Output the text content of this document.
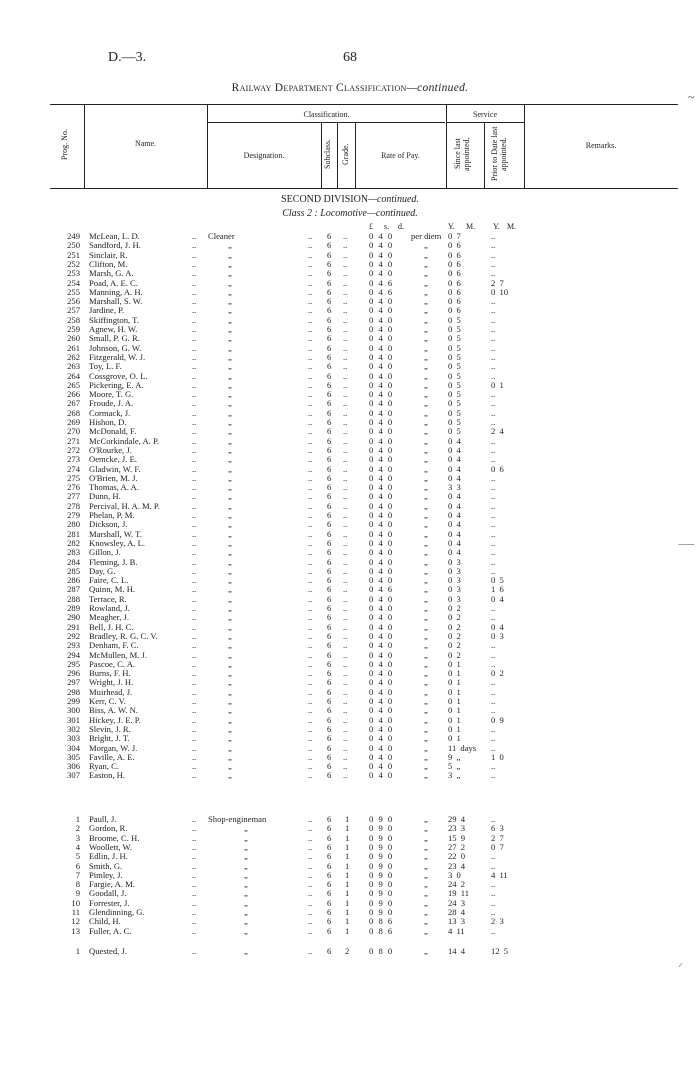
D.—3.	68
Railway Department Classification—continued.
Prog. No.	Name.
Classification.
Designation.	Subclass. Grade.	Rate of Pay.
Service
Since last appointed.	Prior to Date last appointed.	Remarks.
~
SECOND DIVISION—continued.
Class 2 : Locomotive—continued.
£ s. d.	Y. M. Y. M.
249 McLean, L. D.	.. Cleaner	.. 6 ..	0 4 0 per diem 0 7	..
250 Sandford, J. H.	..	„	.. 6 ..	0 4 0	„ 0 6	..
251 Sinclair, R.	..	„	.. 6 ..	0 4 0	„ 0 6	..
252 Clifton, M.	..	„	.. 6 ..	0 4 0	„ 0 6	..
253 Marsh, G. A.	..	„	.. 6 ..	0 4 0	„ 0 6	..
254 Poad, A. E. C.	..	„	.. 6 ..	0 4 6	„ 0 6	2 7
255 Manning, A. H.	..	„	.. 6 ..	0 4 6	„ 0 6	0 10
256 Marshall, S. W.	..	„	.. 6 ..	0 4 0	„ 0 6	..
257 Jardine, P.	..	„	.. 6 ..	0 4 0	„ 0 6	..
258 Skiffington, T.	..	„	.. 6 ..	0 4 0	„ 0 5	..
259 Agnew, H. W.	..	„	.. 6 ..	0 4 0	„ 0 5	..
260 Small, P. G. R.	..	„	.. 6 ..	0 4 0	„ 0 5	..
261 Johnson, G. W.	..	„	.. 6 ..	0 4 0	„ 0 5	..
262 Fitzgerald, W. J.	..	„	.. 6 ..	0 4 0	„ 0 5	..
263 Toy, L. F.	..	„	.. 6 ..	0 4 0	„ 0 5	..
264 Cossgrove, O. L.	..	„	.. 6 ..	0 4 0	„ 0 5	..
265 Pickering, E. A.	..	„	.. 6 ..	0 4 0	„ 0 5	0 1
266 Moore, T. G.	..	„	.. 6 ..	0 4 0	„ 0 5	..
267 Froude, J. A.	..	„	.. 6 ..	0 4 0	„ 0 5	..
268 Cormack, J.	..	„	.. 6 ..	0 4 0	„ 0 5	..
269 Hishon, D.	..	„	.. 6 ..	0 4 0	„ 0 5	..
270 McDonald, F.	..	„	.. 6 ..	0 4 0	„ 0 5	2 4
271 McCorkindale, A. P.	..	„	.. 6 ..	0 4 0	„ 0 4	..
272 O'Rourke, J.	..	„	.. 6 ..	0 4 0	„ 0 4	..
273 Oemcke, J. E.	..	„	.. 6 ..	0 4 0	„ 0 4	..
274 Gladwin, W. F.	..	„	.. 6 ..	0 4 0	„ 0 4	0 6
275 O'Brien, M. J.	..	„	.. 6 ..	0 4 0	„ 0 4	..
276 Thomas, A. A.	..	„	.. 6 ..	0 4 0	„ 3 3	..
277 Dunn, H.	..	„	.. 6 ..	0 4 0	„ 0 4	..
278 Percival, H. A. M. P.	..	„	.. 6 ..	0 4 0	„ 0 4	..
279 Phelan, P. M.	..	„	.. 6 ..	0 4 0	„ 0 4	..
280 Dickson, J.	..	„	.. 6 ..	0 4 0	„ 0 4	..
281 Marshall, W. T.	..	„	.. 6 ..	0 4 0	„ 0 4	..
282 Knowsley, A. L.	..	„	.. 6 ..	0 4 0	„ 0 4	..
283 Gillon, J.	..	„	.. 6 ..	0 4 0	„ 0 4	..
284 Fleming, J. B.	..	„	.. 6 ..	0 4 0	„ 0 3	..
285 Day, G.	..	„	.. 6 ..	0 4 0	„ 0 3	..
286 Faire, C. L.	..	„	.. 6 ..	0 4 0	„ 0 3	0 5
287 Quinn, M. H.	..	„	.. 6 ..	0 4 6	„ 0 3	1 6
288 Terrace, R.	..	„	.. 6 ..	0 4 0	„ 0 3	0 4
289 Rowland, J.	..	„	.. 6 ..	0 4 0	„ 0 2	..
290 Meagher, J.	..	„	.. 6 ..	0 4 0	„ 0 2	..
291 Bell, J. H. C.	..	„	.. 6 ..	0 4 0	„ 0 2	0 4
292 Bradley, R. G. C. V.	..	„	.. 6 ..	0 4 0	„ 0 2	0 3
293 Denham, F. C.	..	„	.. 6 ..	0 4 0	„ 0 2	..
294 McMullen, M. J.	..	„	.. 6 ..	0 4 0	„ 0 2	..
295 Pascoe, C. A.	..	„	.. 6 ..	0 4 0	„ 0 1	..
296 Burns, F. H.	..	„	.. 6 ..	0 4 0	„ 0 1	0 2
297 Wright, J. H.	..	„	.. 6 ..	0 4 0	„ 0 1	..
298 Muirhead, J.	..	„	.. 6 ..	0 4 0	„ 0 1	..
299 Kerr, C. V.	..	„	.. 6 ..	0 4 0	„ 0 1	..
300 Biss, A. W. N.	..	„	.. 6 ..	0 4 0	„ 0 1	..
301 Hickey, J. E. P.	..	„	.. 6 ..	0 4 0	„ 0 1	0 9
302 Slevin, J. R.	..	„	.. 6 ..	0 4 0	„ 0 1	..
303 Bright, J. T.	..	„	.. 6 ..	0 4 0	„ 0 1	..
304 Morgan, W. J.	..	„	.. 6 ..	0 4 0	„ 11 days ..
305 Faville, A. E.	..	„	.. 6 ..	0 4 0	„ 9 „	1 0
306 Ryan, C.	..	„	.. 6 ..	0 4 0	„ 5 „	..
307 Easton, H.	..	„	.. 6 ..	0 4 0	„ 3 „	..
1 Paull, J.	.. Shop-engineman	.. 6 1 0 9 0	„ 29 4	..
2 Gordon, R.	..	„	.. 6 1 0 9 0	„ 23 3	6 3
3 Broome, C. H.	..	„	.. 6 1 0 9 0	„ 15 9	2 7
4 Woollett, W.	..	„	.. 6 1 0 9 0	„ 27 2	0 7
5 Edlin, J. H.	..	„	.. 6 1 0 9 0	„ 22 0	..
6 Smith, G.	..	„	.. 6 1 0 9 0	„ 23 4	..
7 Pimley, J.	..	„	.. 6 1 0 9 0	„ 3 0	4 11
8 Fargie, A. M.	..	„	.. 6 1 0 9 0	„ 24 2	..
9 Goodall, J.	..	„	.. 6 1 0 9 0	„ 19 11	..
10 Forrester, J.	..	„	.. 6 1 0 9 0	„ 24 3	..
11 Glendinning, G.	..	„	.. 6 1 0 9 0	„ 28 4	..
12 Child, H.	..	„	.. 6 1 0 8 6	„ 13 3	2 3
13 Fuller, A. C.	..	„	.. 6 1 0 8 6	„ 4 11	..
1 Quested, J.	..	„	.. 6 2 0 8 0	„ 14 4	12 5
⸺
⸝
